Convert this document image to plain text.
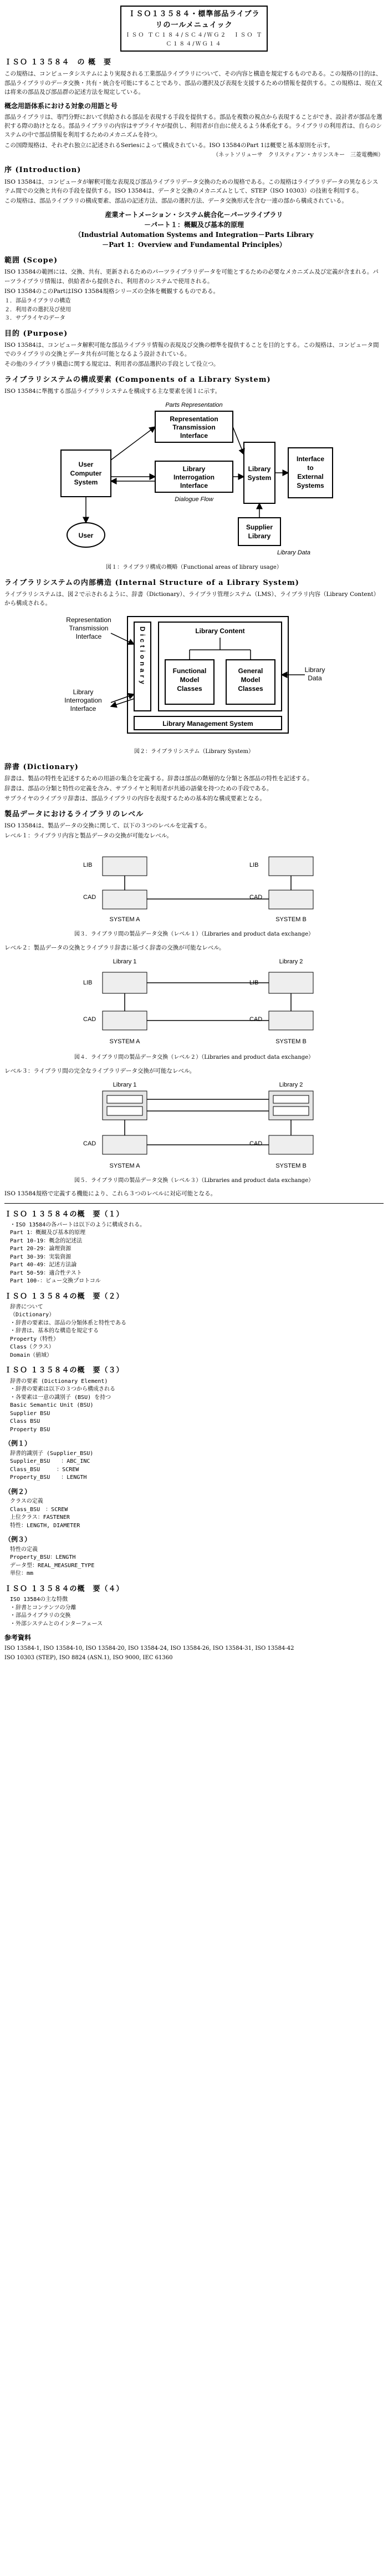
ＩＳＯ１３５８４・標準部品ライブラリの一ルメニュイック
ＩＳＯ ＴＣ１８４/ＳＣ４/ＷＧ２　ＩＳＯ ＴＣ１８４/ＷＧ１４
ＩＳＯ １３５８４　の 概　要

この規格は、コンピュータシステムにより実現される工業部品ライブラリについて、その内容と構造を規定するものである。この規格の目的は、部品ライブラリのデータ交換・共有・統合を可能にすることであり、部品の選択及び表現を支援するための情報を提供する。この規格は、現在又は将来の部品及び部品群の記述方法を規定している。

概念用語体系における対象の用語と号

部品ライブラリは、専門分野において供給される部品を表現する手段を提供する。部品を複数の視点から表現することができ、設計者が部品を選択する際の助けとなる。部品ライブラリの内容はサプライヤが提供し、利用者が自由に使えるよう体系化する。ライブラリの利用者は、自らのシステムの中で部品情報を利用するためのメカニズムを持つ。

この国際規格は、それぞれ独立に記述されるSeriesによって構成されている。ISO 13584のPart 1は概要と基本原則を示す。

（ネットソリューサ　クリスティアン・カリンスキー　三菱電機㈱）
序 (Introduction)

ISO 13584は、コンピュータが解釈可能な表現及び部品ライブラリデータ交換のための規格である。この規格はライブラリデータの異なるシステム間での交換と共有の手段を提供する。ISO 13584は、データと交換のメカニズムとして、STEP（ISO 10303）の技術を利用する。

この規格は、部品ライブラリの構成要素、部品の記述方法、部品の選択方法、データ交換形式を含む一連の部から構成されている。

産業オートメーション・システム統合化－パーツライブラリ
－パート１：概観及び基本的原理
（Industrial Automation Systems and Integration－Parts Library
－Part 1：Overview and Fundamental Principles）
範囲 (Scope)

ISO 13584の範囲には、交換、共有、更新されるためのパーツライブラリデータを可能とするための必要なメカニズム及び定義が含まれる。パーツライブラリ情報は、供給者から提供され、利用者のシステムで使用される。

ISO 13584のこのPartはISO 13584規格シリーズの全体を概観するものである。

１．部品ライブラリの構造
２．利用者の選択及び使用
３．サプライヤのデータ

目的 (Purpose)

ISO 13584は、コンピュータ解釈可能な部品ライブラリ情報の表現及び交換の標準を提供することを目的とする。この規格は、コンピュータ間でのライブラリの交換とデータ共有が可能となるよう設計されている。

その他のライブラリ構造に関する規定は、利用者の部品選択の手段として役立つ。

ライブラリシステムの構成要素 (Components of a Library System)

ISO 13584に準拠する部品ライブラリシステムを構成する主な要素を図１に示す。

Parts Representation
Representation
Transmission
Interface
User
Computer
System
Library
Interrogation
Interface
Dialogue Flow
Library
System
Interface
to
External
Systems
User
Supplier
Library
Library Data
図１：ライブラリ構成の概略（Functional areas of library usage）
ライブラリシステムの内部構造 (Internal Structure of a Library System)

ライブラリシステムは、図２で示されるように、辞書（Dictionary）、ライブラリ管理システム（LMS）、ライブラリ内容（Library Content）から構成される。

Representation
Transmission
Interface
Library
Interrogation
Interface
Dictionary	Library Content
Functional
Model
Classes
General
Model
Classes
Library Management System
Library
Data
図２：ライブラリシステム（Library System）
辞書 (Dictionary)

辞書は、製品の特性を記述するための用語の集合を定義する。辞書は部品の階層的な分類と各部品の特性を記述する。

辞書は、部品の分類と特性の定義を含み、サプライヤと利用者が共通の語彙を持つための手段である。

サプライヤのライブラリ辞書は、部品ライブラリの内容を表現するための基本的な構成要素となる。

製品データにおけるライブラリのレベル

ISO 13584は、製品データの交換に関して、以下の３つのレベルを定義する。

レベル１：ライブラリ内容と製品データの交換が可能なレベル。

LIB
CAD
LIB
CAD
SYSTEM A	SYSTEM B
図３．ライブラリ間の製品データ交換（レベル１）（Libraries and product data exchange）

レベル２：製品データの交換とライブラリ辞書に基づく辞書の交換が可能なレベル。

Library 1	Library 2
LIB
CAD
LIB
CAD
SYSTEM A	SYSTEM B
図４．ライブラリ間の製品データ交換（レベル２）（Libraries and product data exchange）

レベル３：ライブラリ間の完全なライブラリデータ交換が可能なレベル。

Library 1	Library 2
CAD	CAD
SYSTEM A	SYSTEM B
図５．ライブラリ間の製品データ交換（レベル３）（Libraries and product data exchange）

ISO 13584規格で定義する機能により、これら３つのレベルに対応可能となる。

ＩＳＯ １３５８４の概　要（１）
・ISO 13584の各パートは以下のように構成される。
Part 1：概観及び基本的原理
Part 10-19：概念的記述法
Part 20-29：論理資源
Part 30-39：実装資源
Part 40-49：記述方法論
Part 50-59：適合性テスト
Part 100-：ビュー交換プロトコル
ＩＳＯ １３５８４の概　要（２）
辞書について
（Dictionary）
・辞書の要素は、部品の分類体系と特性である
・辞書は、基本的な構造を規定する
Property（特性）
Class（クラス）
Domain（値域）
ＩＳＯ １３５８４の概　要（３）
辞書の要素 (Dictionary Element)
・辞書の要素は以下の３つから構成される
・各要素は一意の識別子 (BSU) を持つ
Basic Semantic Unit (BSU)
Supplier BSU
Class BSU
Property BSU
（例１）
辞書的識別子 (Supplier_BSU)
Supplier_BSU　　：ABC_INC
Class_BSU　　　：SCREW
Property_BSU　　：LENGTH
（例２）
クラスの定義
Class_BSU　：SCREW
上位クラス：FASTENER
特性：LENGTH, DIAMETER
（例３）
特性の定義
Property_BSU：LENGTH
データ型：REAL_MEASURE_TYPE
単位：mm
ＩＳＯ １３５８４の概　要（４）
ISO 13584の主な特徴
・辞書とコンテンツの分離
・部品ライブラリの交換
・外部システムとのインターフェース
参考資料

ISO 13584-1, ISO 13584-10, ISO 13584-20, ISO 13584-24, ISO 13584-26, ISO 13584-31, ISO 13584-42

ISO 10303 (STEP), ISO 8824 (ASN.1), ISO 9000, IEC 61360
